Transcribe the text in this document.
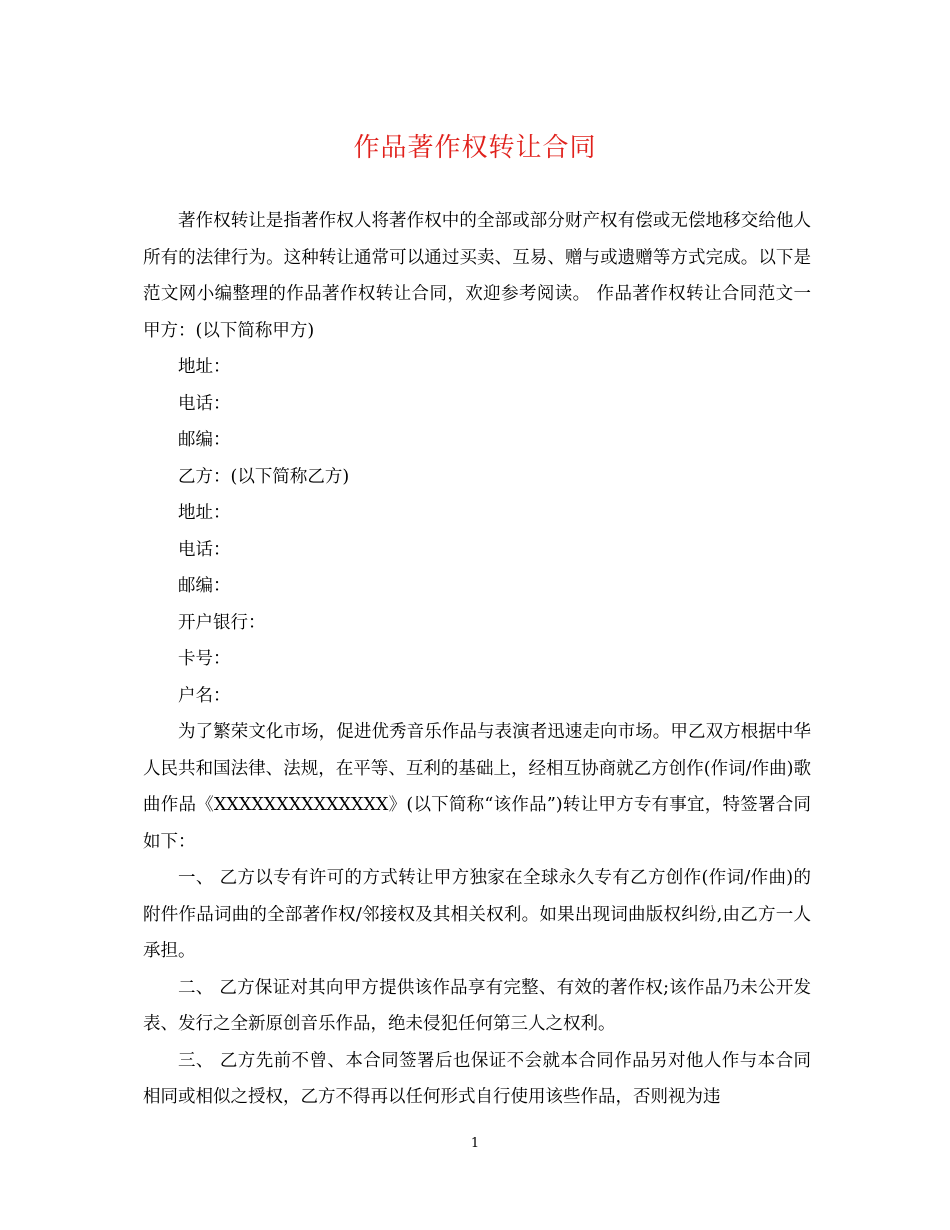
作品著作权转让合同

著作权转让是指著作权人将著作权中的全部或部分财产权有偿或无偿地移交给他人所有的法律行为。这种转让通常可以通过买卖、互易、赠与或遗赠等方式完成。以下是范文网小编整理的作品著作权转让合同，欢迎参考阅读。 作品著作权转让合同范文一　　甲方：(以下简称甲方)

地址：

电话：

邮编：

乙方：(以下简称乙方)

地址：

电话：

邮编：

开户银行：

卡号：

户名：

为了繁荣文化市场，促进优秀音乐作品与表演者迅速走向市场。甲乙双方根据中华人民共和国法律、法规，在平等、互利的基础上，经相互协商就乙方创作(作词/作曲)歌曲作品《XXXXXXXXXXXXXX》(以下简称“该作品”)转让甲方专有事宜，特签署合同如下：

一、 乙方以专有许可的方式转让甲方独家在全球永久专有乙方创作(作词/作曲)的附件作品词曲的全部著作权/邻接权及其相关权利。如果出现词曲版权纠纷,由乙方一人承担。

二、 乙方保证对其向甲方提供该作品享有完整、有效的著作权;该作品乃未公开发表、发行之全新原创音乐作品，绝未侵犯任何第三人之权利。

三、 乙方先前不曾、本合同签署后也保证不会就本合同作品另对他人作与本合同相同或相似之授权，乙方不得再以任何形式自行使用该些作品，否则视为违

1
